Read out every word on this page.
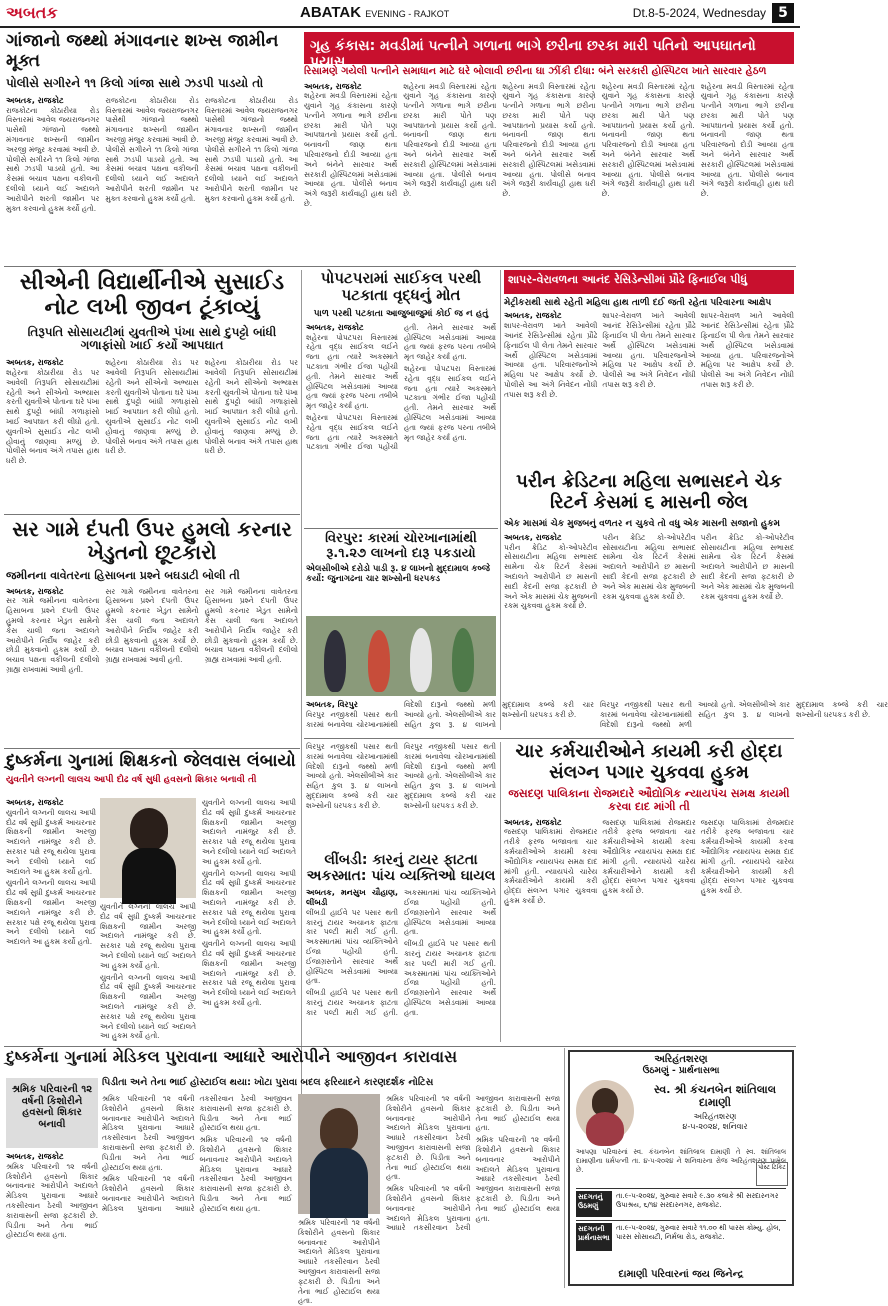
અબતક	ABATAK EVENING - RAJKOT	Dt.8-5-2024, Wednesday 5
ગાંજાનો જથ્થો મંગાવનાર શખ્સ જામીન મૂક્ત
પોલીસે સગીરને ૧૧ કિલો ગાંજા સાથે ઝડપી પાડયો તો
અબતક, રાજકોટ

રાજકોટના કોઠારીયા રોડ વિસ્તારમાં આવેલ જયરાજનગર પાસેથી ગાંજાનો જથ્થો મંગાવનાર શખ્સની જામીન અરજી મંજુર કરવામાં આવી છે. પોલીસે સગીરને ૧૧ કિલો ગાંજા સાથે ઝડપી પાડયો હતો. આ કેસમાં બચાવ પક્ષના વકીલની દલીલો ધ્યાને લઈ અદાલતે આરોપીને શરતી જામીન પર મુક્ત કરવાનો હુકમ કર્યો હતો.

રાજકોટના કોઠારીયા રોડ વિસ્તારમાં આવેલ જયરાજનગર પાસેથી ગાંજાનો જથ્થો મંગાવનાર શખ્સની જામીન અરજી મંજુર કરવામાં આવી છે. પોલીસે સગીરને ૧૧ કિલો ગાંજા સાથે ઝડપી પાડયો હતો. આ કેસમાં બચાવ પક્ષના વકીલની દલીલો ધ્યાને લઈ અદાલતે આરોપીને શરતી જામીન પર મુક્ત કરવાનો હુકમ કર્યો હતો.

રાજકોટના કોઠારીયા રોડ વિસ્તારમાં આવેલ જયરાજનગર પાસેથી ગાંજાનો જથ્થો મંગાવનાર શખ્સની જામીન અરજી મંજુર કરવામાં આવી છે. પોલીસે સગીરને ૧૧ કિલો ગાંજા સાથે ઝડપી પાડયો હતો. આ કેસમાં બચાવ પક્ષના વકીલની દલીલો ધ્યાને લઈ અદાલતે આરોપીને શરતી જામીન પર મુક્ત કરવાનો હુકમ કર્યો હતો.

ગૃહ કંકાસ: મવડીમાં પત્નીને ગળાના ભાગે છરીના છરકા મારી પતિનો આપઘાતનો પ્રયાસ
રિસામણે ગયેલી પત્નીને સમાધાન માટે ઘરે બોલાવી છરીના ઘા ઝીંકી દીધા: બંને સરકારી હોસ્પિટલ ખાતે સારવાર હેઠળ
અબતક, રાજકોટ

શહેરના મવડી વિસ્તારમાં રહેતા યુવાને ગૃહ કંકાસના કારણે પત્નીને ગળાના ભાગે છરીના છરકા મારી પોતે પણ આપઘાતનો પ્રયાસ કર્યો હતો. બનાવની જાણ થતા પરિવારજનો દોડી આવ્યા હતા અને બંનેને સારવાર અર્થે સરકારી હોસ્પિટલમાં ખસેડવામાં આવ્યા હતા. પોલીસે બનાવ અંગે જરૂરી કાર્યવાહી હાથ ધરી છે.

શહેરના મવડી વિસ્તારમાં રહેતા યુવાને ગૃહ કંકાસના કારણે પત્નીને ગળાના ભાગે છરીના છરકા મારી પોતે પણ આપઘાતનો પ્રયાસ કર્યો હતો. બનાવની જાણ થતા પરિવારજનો દોડી આવ્યા હતા અને બંનેને સારવાર અર્થે સરકારી હોસ્પિટલમાં ખસેડવામાં આવ્યા હતા. પોલીસે બનાવ અંગે જરૂરી કાર્યવાહી હાથ ધરી છે.

શહેરના મવડી વિસ્તારમાં રહેતા યુવાને ગૃહ કંકાસના કારણે પત્નીને ગળાના ભાગે છરીના છરકા મારી પોતે પણ આપઘાતનો પ્રયાસ કર્યો હતો. બનાવની જાણ થતા પરિવારજનો દોડી આવ્યા હતા અને બંનેને સારવાર અર્થે સરકારી હોસ્પિટલમાં ખસેડવામાં આવ્યા હતા. પોલીસે બનાવ અંગે જરૂરી કાર્યવાહી હાથ ધરી છે.

શહેરના મવડી વિસ્તારમાં રહેતા યુવાને ગૃહ કંકાસના કારણે પત્નીને ગળાના ભાગે છરીના છરકા મારી પોતે પણ આપઘાતનો પ્રયાસ કર્યો હતો. બનાવની જાણ થતા પરિવારજનો દોડી આવ્યા હતા અને બંનેને સારવાર અર્થે સરકારી હોસ્પિટલમાં ખસેડવામાં આવ્યા હતા. પોલીસે બનાવ અંગે જરૂરી કાર્યવાહી હાથ ધરી છે.

શહેરના મવડી વિસ્તારમાં રહેતા યુવાને ગૃહ કંકાસના કારણે પત્નીને ગળાના ભાગે છરીના છરકા મારી પોતે પણ આપઘાતનો પ્રયાસ કર્યો હતો. બનાવની જાણ થતા પરિવારજનો દોડી આવ્યા હતા અને બંનેને સારવાર અર્થે સરકારી હોસ્પિટલમાં ખસેડવામાં આવ્યા હતા. પોલીસે બનાવ અંગે જરૂરી કાર્યવાહી હાથ ધરી છે.

સીએની વિદ્યાર્થીનીએ સુસાઈડ નોટ લખી જીવન ટૂંકાવ્યું
તિરૂપતિ સોસાયટીમાં યુવતીએ પંખા સાથે દુપટ્ટો બાંધી ગળાફાંસો ખાઈ કર્યો આપઘાત
અબતક, રાજકોટ

શહેરના કોઠારીયા રોડ પર આવેલી તિરૂપતિ સોસાયટીમાં રહેતી અને સીએનો અભ્યાસ કરતી યુવતીએ પોતાના ઘરે પંખા સાથે દુપટ્ટો બાંધી ગળાફાંસો ખાઈ આપઘાત કરી લીધો હતો. યુવતીએ સુસાઈડ નોટ લખી હોવાનું જાણવા મળ્યું છે. પોલીસે બનાવ અંગે તપાસ હાથ ધરી છે.

શહેરના કોઠારીયા રોડ પર આવેલી તિરૂપતિ સોસાયટીમાં રહેતી અને સીએનો અભ્યાસ કરતી યુવતીએ પોતાના ઘરે પંખા સાથે દુપટ્ટો બાંધી ગળાફાંસો ખાઈ આપઘાત કરી લીધો હતો. યુવતીએ સુસાઈડ નોટ લખી હોવાનું જાણવા મળ્યું છે. પોલીસે બનાવ અંગે તપાસ હાથ ધરી છે.

શહેરના કોઠારીયા રોડ પર આવેલી તિરૂપતિ સોસાયટીમાં રહેતી અને સીએનો અભ્યાસ કરતી યુવતીએ પોતાના ઘરે પંખા સાથે દુપટ્ટો બાંધી ગળાફાંસો ખાઈ આપઘાત કરી લીધો હતો. યુવતીએ સુસાઈડ નોટ લખી હોવાનું જાણવા મળ્યું છે. પોલીસે બનાવ અંગે તપાસ હાથ ધરી છે.

પોપટપરામાં સાઈકલ પરથી પટકાતા વૃદ્ધનું મોત
પાળ પરથી પટકાતા આજુબાજુમાં કોઈ જ ન હતું
અબતક, રાજકોટ

શહેરના પોપટપરા વિસ્તારમાં રહેતા વૃદ્ધ સાઈકલ લઈને જતા હતા ત્યારે અકસ્માતે પટકાતા ગંભીર ઈજા પહોંચી હતી. તેમને સારવાર અર્થે હોસ્પિટલ ખસેડવામાં આવ્યા હતા જ્યાં ફરજ પરના તબીબે મૃત જાહેર કર્યા હતા.

શહેરના પોપટપરા વિસ્તારમાં રહેતા વૃદ્ધ સાઈકલ લઈને જતા હતા ત્યારે અકસ્માતે પટકાતા ગંભીર ઈજા પહોંચી હતી. તેમને સારવાર અર્થે હોસ્પિટલ ખસેડવામાં આવ્યા હતા જ્યાં ફરજ પરના તબીબે મૃત જાહેર કર્યા હતા.

શહેરના પોપટપરા વિસ્તારમાં રહેતા વૃદ્ધ સાઈકલ લઈને જતા હતા ત્યારે અકસ્માતે પટકાતા ગંભીર ઈજા પહોંચી હતી. તેમને સારવાર અર્થે હોસ્પિટલ ખસેડવામાં આવ્યા હતા જ્યાં ફરજ પરના તબીબે મૃત જાહેર કર્યા હતા.

શાપર-વેરાવળના આનંદ રેસિડેન્સીમાં પ્રૌઢે ફિનાઈલ પીધું
મેટ્રીકરાથી સાથે રહેતી મહિલા હાથ તાળી દઈ જતી રહેતા પરિવારના આક્ષેપ
અબતક, રાજકોટ

શાપર-વેરાવળ ખાતે આવેલી આનંદ રેસિડેન્સીમાં રહેતા પ્રૌઢે ફિનાઈલ પી લેતા તેમને સારવાર અર્થે હોસ્પિટલ ખસેડવામાં આવ્યા હતા. પરિવારજનોએ મહિલા પર આક્ષેપ કર્યો છે. પોલીસે આ અંગે નિવેદન નોંધી તપાસ શરૂ કરી છે.

શાપર-વેરાવળ ખાતે આવેલી આનંદ રેસિડેન્સીમાં રહેતા પ્રૌઢે ફિનાઈલ પી લેતા તેમને સારવાર અર્થે હોસ્પિટલ ખસેડવામાં આવ્યા હતા. પરિવારજનોએ મહિલા પર આક્ષેપ કર્યો છે. પોલીસે આ અંગે નિવેદન નોંધી તપાસ શરૂ કરી છે.

શાપર-વેરાવળ ખાતે આવેલી આનંદ રેસિડેન્સીમાં રહેતા પ્રૌઢે ફિનાઈલ પી લેતા તેમને સારવાર અર્થે હોસ્પિટલ ખસેડવામાં આવ્યા હતા. પરિવારજનોએ મહિલા પર આક્ષેપ કર્યો છે. પોલીસે આ અંગે નિવેદન નોંધી તપાસ શરૂ કરી છે.

પરીન ક્રેડિટના મહિલા સભાસદને ચેક રિટર્ન કેસમાં ૬ માસની જેલ
એક માસમાં ચેક મુજબનું વળતર ન ચુકવે તો વધુ એક માસની સજાનો હુકમ
અબતક, રાજકોટ

પરીન ક્રેડિટ કો-ઓપરેટીવ સોસાયટીના મહિલા સભાસદ સામેના ચેક રિટર્ન કેસમાં અદાલતે આરોપીને છ માસની સાદી કેદની સજા ફટકારી છે અને એક માસમાં ચેક મુજબની રકમ ચુકવવા હુકમ કર્યો છે.

પરીન ક્રેડિટ કો-ઓપરેટીવ સોસાયટીના મહિલા સભાસદ સામેના ચેક રિટર્ન કેસમાં અદાલતે આરોપીને છ માસની સાદી કેદની સજા ફટકારી છે અને એક માસમાં ચેક મુજબની રકમ ચુકવવા હુકમ કર્યો છે.

પરીન ક્રેડિટ કો-ઓપરેટીવ સોસાયટીના મહિલા સભાસદ સામેના ચેક રિટર્ન કેસમાં અદાલતે આરોપીને છ માસની સાદી કેદની સજા ફટકારી છે અને એક માસમાં ચેક મુજબની રકમ ચુકવવા હુકમ કર્યો છે.

સર ગામે દંપતી ઉપર હુમલો કરનાર ખેડુતનો છૂટકારો
જમીનના વાવેતરના હિસાબના પ્રશ્ને બઘડાટી બોલી તી
અબતક, રાજકોટ

સર ગામે જમીનના વાવેતરના હિસાબના પ્રશ્ને દંપતી ઉપર હુમલો કરનાર ખેડુત સામેનો કેસ ચાલી જતા અદાલતે આરોપીને નિર્દોષ જાહેર કરી છોડી મુકવાનો હુકમ કર્યો છે. બચાવ પક્ષના વકીલની દલીલો ગ્રાહ્ય રાખવામાં આવી હતી.

સર ગામે જમીનના વાવેતરના હિસાબના પ્રશ્ને દંપતી ઉપર હુમલો કરનાર ખેડુત સામેનો કેસ ચાલી જતા અદાલતે આરોપીને નિર્દોષ જાહેર કરી છોડી મુકવાનો હુકમ કર્યો છે. બચાવ પક્ષના વકીલની દલીલો ગ્રાહ્ય રાખવામાં આવી હતી.

સર ગામે જમીનના વાવેતરના હિસાબના પ્રશ્ને દંપતી ઉપર હુમલો કરનાર ખેડુત સામેનો કેસ ચાલી જતા અદાલતે આરોપીને નિર્દોષ જાહેર કરી છોડી મુકવાનો હુકમ કર્યો છે. બચાવ પક્ષના વકીલની દલીલો ગ્રાહ્ય રાખવામાં આવી હતી.

વિરપુર: કારમાં ચોરખાનામાંથી રૂ.૧.૨૭ લાખનો દારૂ પકડાયો
એલસીબીએ દરોડો પાડી રૂ. ૪ લાખનો મુદ્દામાલ કબ્જે કર્યો: જુનાગઢના ચાર શખ્સોની ધરપકડ
અબતક, વિરપુર

વિરપુર નજીકથી પસાર થતી કારમાં બનાવેલા ચોરખાનામાંથી વિદેશી દારૂનો જથ્થો મળી આવ્યો હતો. એલસીબીએ કાર સહિત કુલ રૂ. ૪ લાખનો મુદ્દામાલ કબ્જે કરી ચાર શખ્સોની ધરપકડ કરી છે.

વિરપુર નજીકથી પસાર થતી કારમાં બનાવેલા ચોરખાનામાંથી વિદેશી દારૂનો જથ્થો મળી આવ્યો હતો. એલસીબીએ કાર સહિત કુલ રૂ. ૪ લાખનો મુદ્દામાલ કબ્જે કરી ચાર શખ્સોની ધરપકડ કરી છે.

દુષ્કર્મના ગુનામાં શિક્ષકનો જેલવાસ લંબાયો
યુવતીને લગ્નની લાલચ આપી દોઢ વર્ષ સુધી હવસનો શિકાર બનાવી તી
અબતક, રાજકોટ

યુવતીને લગ્નની લાલચ આપી દોઢ વર્ષ સુધી દુષ્કર્મ આચરનાર શિક્ષકની જામીન અરજી અદાલતે નામંજુર કરી છે. સરકાર પક્ષે રજૂ થયેલા પુરાવા અને દલીલો ધ્યાને લઈ અદાલતે આ હુકમ કર્યો હતો.

યુવતીને લગ્નની લાલચ આપી દોઢ વર્ષ સુધી દુષ્કર્મ આચરનાર શિક્ષકની જામીન અરજી અદાલતે નામંજુર કરી છે. સરકાર પક્ષે રજૂ થયેલા પુરાવા અને દલીલો ધ્યાને લઈ અદાલતે આ હુકમ કર્યો હતો.

યુવતીને લગ્નની લાલચ આપી દોઢ વર્ષ સુધી દુષ્કર્મ આચરનાર શિક્ષકની જામીન અરજી અદાલતે નામંજુર કરી છે. સરકાર પક્ષે રજૂ થયેલા પુરાવા અને દલીલો ધ્યાને લઈ અદાલતે આ હુકમ કર્યો હતો.

યુવતીને લગ્નની લાલચ આપી દોઢ વર્ષ સુધી દુષ્કર્મ આચરનાર શિક્ષકની જામીન અરજી અદાલતે નામંજુર કરી છે. સરકાર પક્ષે રજૂ થયેલા પુરાવા અને દલીલો ધ્યાને લઈ અદાલતે આ હુકમ કર્યો હતો.

યુવતીને લગ્નની લાલચ આપી દોઢ વર્ષ સુધી દુષ્કર્મ આચરનાર શિક્ષકની જામીન અરજી અદાલતે નામંજુર કરી છે. સરકાર પક્ષે રજૂ થયેલા પુરાવા અને દલીલો ધ્યાને લઈ અદાલતે આ હુકમ કર્યો હતો.

યુવતીને લગ્નની લાલચ આપી દોઢ વર્ષ સુધી દુષ્કર્મ આચરનાર શિક્ષકની જામીન અરજી અદાલતે નામંજુર કરી છે. સરકાર પક્ષે રજૂ થયેલા પુરાવા અને દલીલો ધ્યાને લઈ અદાલતે આ હુકમ કર્યો હતો.

યુવતીને લગ્નની લાલચ આપી દોઢ વર્ષ સુધી દુષ્કર્મ આચરનાર શિક્ષકની જામીન અરજી અદાલતે નામંજુર કરી છે. સરકાર પક્ષે રજૂ થયેલા પુરાવા અને દલીલો ધ્યાને લઈ અદાલતે આ હુકમ કર્યો હતો.

લીંબડી: કારનું ટાયર ફાટતા અકસ્માત: પાંચ વ્યક્તિઓ ઘાયલ
અબતક, મનસુખ ચૌહાણ, લીંબડી

લીંબડી હાઈવે પર પસાર થતી કારનું ટાયર અચાનક ફાટતા કાર પલ્ટી મારી ગઈ હતી. અકસ્માતમાં પાંચ વ્યક્તિઓને ઈજા પહોંચી હતી. ઈજાગ્રસ્તોને સારવાર અર્થે હોસ્પિટલ ખસેડવામાં આવ્યા હતા.

લીંબડી હાઈવે પર પસાર થતી કારનું ટાયર અચાનક ફાટતા કાર પલ્ટી મારી ગઈ હતી. અકસ્માતમાં પાંચ વ્યક્તિઓને ઈજા પહોંચી હતી. ઈજાગ્રસ્તોને સારવાર અર્થે હોસ્પિટલ ખસેડવામાં આવ્યા હતા.

લીંબડી હાઈવે પર પસાર થતી કારનું ટાયર અચાનક ફાટતા કાર પલ્ટી મારી ગઈ હતી. અકસ્માતમાં પાંચ વ્યક્તિઓને ઈજા પહોંચી હતી. ઈજાગ્રસ્તોને સારવાર અર્થે હોસ્પિટલ ખસેડવામાં આવ્યા હતા.

વિરપુર નજીકથી પસાર થતી કારમાં બનાવેલા ચોરખાનામાંથી વિદેશી દારૂનો જથ્થો મળી આવ્યો હતો. એલસીબીએ કાર સહિત કુલ રૂ. ૪ લાખનો મુદ્દામાલ કબ્જે કરી ચાર શખ્સોની ધરપકડ કરી છે.

વિરપુર નજીકથી પસાર થતી કારમાં બનાવેલા ચોરખાનામાંથી વિદેશી દારૂનો જથ્થો મળી આવ્યો હતો. એલસીબીએ કાર સહિત કુલ રૂ. ૪ લાખનો મુદ્દામાલ કબ્જે કરી ચાર શખ્સોની ધરપકડ કરી છે.

ચાર કર્મચારીઓને કાયમી કરી હોદ્દા સંલગ્ન પગાર ચુકવવા હુકમ
જસદણ પાલિકાના રોજમદારે ઔદ્યોગિક ન્યાયપંચ સમક્ષ કાયમી કરવા દાદ માંગી તી
અબતક, રાજકોટ

જસદણ પાલિકામાં રોજમદાર તરીકે ફરજ બજાવતા ચાર કર્મચારીઓએ કાયમી કરવા ઔદ્યોગિક ન્યાયપંચ સમક્ષ દાદ માંગી હતી. ન્યાયપંચે ચારેય કર્મચારીઓને કાયમી કરી હોદ્દા સંલગ્ન પગાર ચુકવવા હુકમ કર્યો છે.

જસદણ પાલિકામાં રોજમદાર તરીકે ફરજ બજાવતા ચાર કર્મચારીઓએ કાયમી કરવા ઔદ્યોગિક ન્યાયપંચ સમક્ષ દાદ માંગી હતી. ન્યાયપંચે ચારેય કર્મચારીઓને કાયમી કરી હોદ્દા સંલગ્ન પગાર ચુકવવા હુકમ કર્યો છે.

જસદણ પાલિકામાં રોજમદાર તરીકે ફરજ બજાવતા ચાર કર્મચારીઓએ કાયમી કરવા ઔદ્યોગિક ન્યાયપંચ સમક્ષ દાદ માંગી હતી. ન્યાયપંચે ચારેય કર્મચારીઓને કાયમી કરી હોદ્દા સંલગ્ન પગાર ચુકવવા હુકમ કર્યો છે.

દુષ્કર્મના ગુનામાં મેડિકલ પુરાવાના આધારે આરોપીને આજીવન કારાવાસ
શ્રમિક પરિવારની ૧૨ વર્ષની કિશોરીને હવસનો શિકાર બનાવી
અબતક, રાજકોટ

શ્રમિક પરિવારની ૧૨ વર્ષની કિશોરીને હવસનો શિકાર બનાવનાર આરોપીને અદાલતે મેડિકલ પુરાવાના આધારે તકસીરવાન ઠેરવી આજીવન કારાવાસની સજા ફટકારી છે. પિડીતા અને તેના ભાઈ હોસ્ટાઈલ થયા હતા.

પિડીતા અને તેના ભાઈ હોસ્ટાઈલ થયા: ખોટા પુરાવા બદલ ફરિયાદને કારણદર્શક નોટિસ

શ્રમિક પરિવારની ૧૨ વર્ષની કિશોરીને હવસનો શિકાર બનાવનાર આરોપીને અદાલતે મેડિકલ પુરાવાના આધારે તકસીરવાન ઠેરવી આજીવન કારાવાસની સજા ફટકારી છે. પિડીતા અને તેના ભાઈ હોસ્ટાઈલ થયા હતા.

શ્રમિક પરિવારની ૧૨ વર્ષની કિશોરીને હવસનો શિકાર બનાવનાર આરોપીને અદાલતે મેડિકલ પુરાવાના આધારે તકસીરવાન ઠેરવી આજીવન કારાવાસની સજા ફટકારી છે. પિડીતા અને તેના ભાઈ હોસ્ટાઈલ થયા હતા.

શ્રમિક પરિવારની ૧૨ વર્ષની કિશોરીને હવસનો શિકાર બનાવનાર આરોપીને અદાલતે મેડિકલ પુરાવાના આધારે તકસીરવાન ઠેરવી આજીવન કારાવાસની સજા ફટકારી છે. પિડીતા અને તેના ભાઈ હોસ્ટાઈલ થયા હતા.

શ્રમિક પરિવારની ૧૨ વર્ષની કિશોરીને હવસનો શિકાર બનાવનાર આરોપીને અદાલતે મેડિકલ પુરાવાના આધારે તકસીરવાન ઠેરવી આજીવન કારાવાસની સજા ફટકારી છે. પિડીતા અને તેના ભાઈ હોસ્ટાઈલ થયા હતા.

શ્રમિક પરિવારની ૧૨ વર્ષની કિશોરીને હવસનો શિકાર બનાવનાર આરોપીને અદાલતે મેડિકલ પુરાવાના આધારે તકસીરવાન ઠેરવી આજીવન કારાવાસની સજા ફટકારી છે. પિડીતા અને તેના ભાઈ હોસ્ટાઈલ થયા હતા.

શ્રમિક પરિવારની ૧૨ વર્ષની કિશોરીને હવસનો શિકાર બનાવનાર આરોપીને અદાલતે મેડિકલ પુરાવાના આધારે તકસીરવાન ઠેરવી આજીવન કારાવાસની સજા ફટકારી છે. પિડીતા અને તેના ભાઈ હોસ્ટાઈલ થયા હતા.

શ્રમિક પરિવારની ૧૨ વર્ષની કિશોરીને હવસનો શિકાર બનાવનાર આરોપીને અદાલતે મેડિકલ પુરાવાના આધારે તકસીરવાન ઠેરવી આજીવન કારાવાસની સજા ફટકારી છે. પિડીતા અને તેના ભાઈ હોસ્ટાઈલ થયા હતા.

અરિહંતશરણ
ઉઠમણું - પ્રાર્થનાસભા
સ્વ. શ્રી કંચનબેન શાંતિલાલ દામાણી
અરિહંતશરણ
૪-૫-૨૦૨૪, શનિવાર
આપણા પરિવારનાં સ્વ. કંચનબેન શાંતિલાલ દામાણી તે સ્વ. શાંતિલાલ દામાણીના ધર્મપત્ની તા. ૪-૫-૨૦૨૪ ને શનિવારના રોજ અરિહંતશરણ પામેલ છે.
સદગતનું ઉઠમણું
તા.૯-૫-૨૦૨૪, ગુરુવાર સવારે ૯.૩૦ કલાકે શ્રી સરદારનગર ઉપાશ્રય, ૬/૧૪ સરદારનગર, રાજકોટ.
સદગતની પ્રાર્થનાસભા
તા.૯-૫-૨૦૨૪, ગુરુવાર સવારે ૧૧.૦૦ થી પારસ કોમ્યુ. હોલ, પારસ સોસાયટી, નિર્મલા રોડ, રાજકોટ.
પોસ્ટ ટિકિટ
દામાણી પરિવારનાં જય જિનેન્દ્ર
